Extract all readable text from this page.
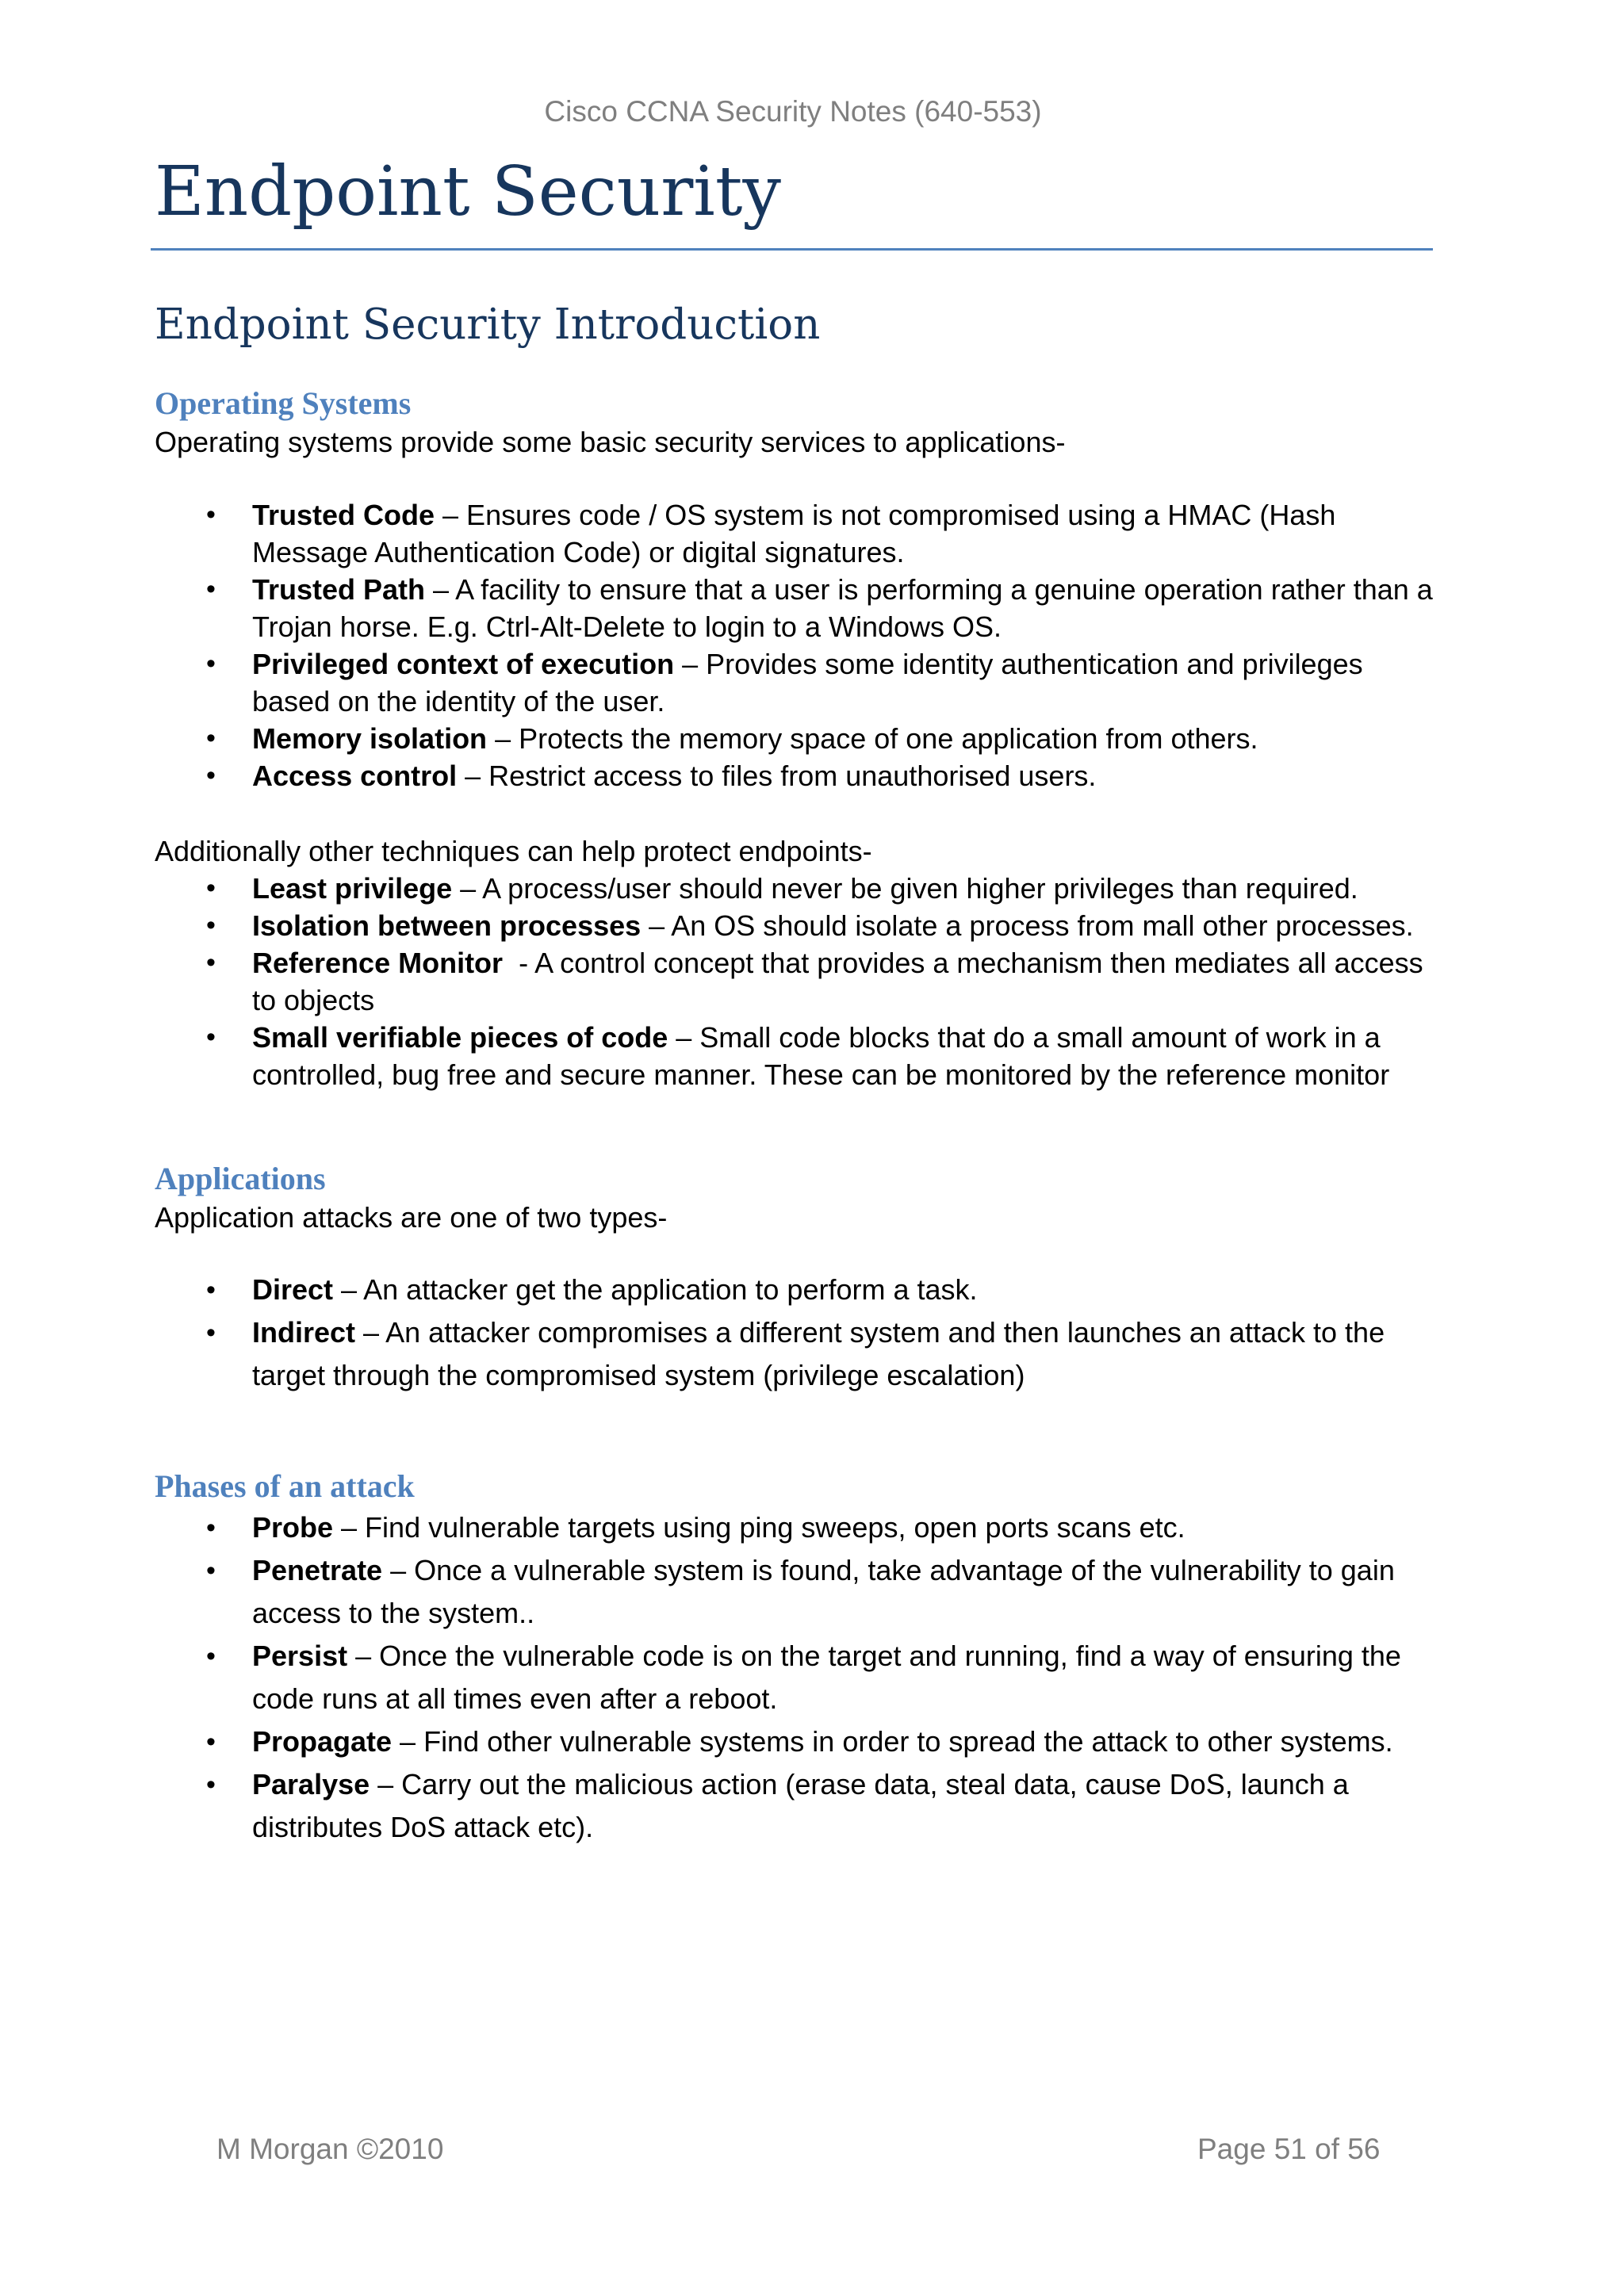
Cisco CCNA Security Notes (640-553)
Endpoint Security
Endpoint Security Introduction
Operating Systems

Operating systems provide some basic security services to applications-

• Trusted Code – Ensures code / OS system is not compromised using a HMAC (Hash Message Authentication Code) or digital signatures.
• Trusted Path – A facility to ensure that a user is performing a genuine operation rather than a Trojan horse. E.g. Ctrl-Alt-Delete to login to a Windows OS.
• Privileged context of execution – Provides some identity authentication and privileges based on the identity of the user.
• Memory isolation – Protects the memory space of one application from others.
• Access control – Restrict access to files from unauthorised users.

Additionally other techniques can help protect endpoints-

• Least privilege – A process/user should never be given higher privileges than required.
• Isolation between processes – An OS should isolate a process from mall other processes.
• Reference Monitor  - A control concept that provides a mechanism then mediates all access to objects
• Small verifiable pieces of code – Small code blocks that do a small amount of work in a controlled, bug free and secure manner. These can be monitored by the reference monitor
Applications

Application attacks are one of two types-

• Direct – An attacker get the application to perform a task.
• Indirect – An attacker compromises a different system and then launches an attack to the target through the compromised system (privilege escalation)
Phases of an attack
• Probe – Find vulnerable targets using ping sweeps, open ports scans etc.
• Penetrate – Once a vulnerable system is found, take advantage of the vulnerability to gain access to the system..
• Persist – Once the vulnerable code is on the target and running, find a way of ensuring the code runs at all times even after a reboot.
• Propagate – Find other vulnerable systems in order to spread the attack to other systems.
• Paralyse – Carry out the malicious action (erase data, steal data, cause DoS, launch a distributes DoS attack etc).
M Morgan ©2010	Page 51 of 56
